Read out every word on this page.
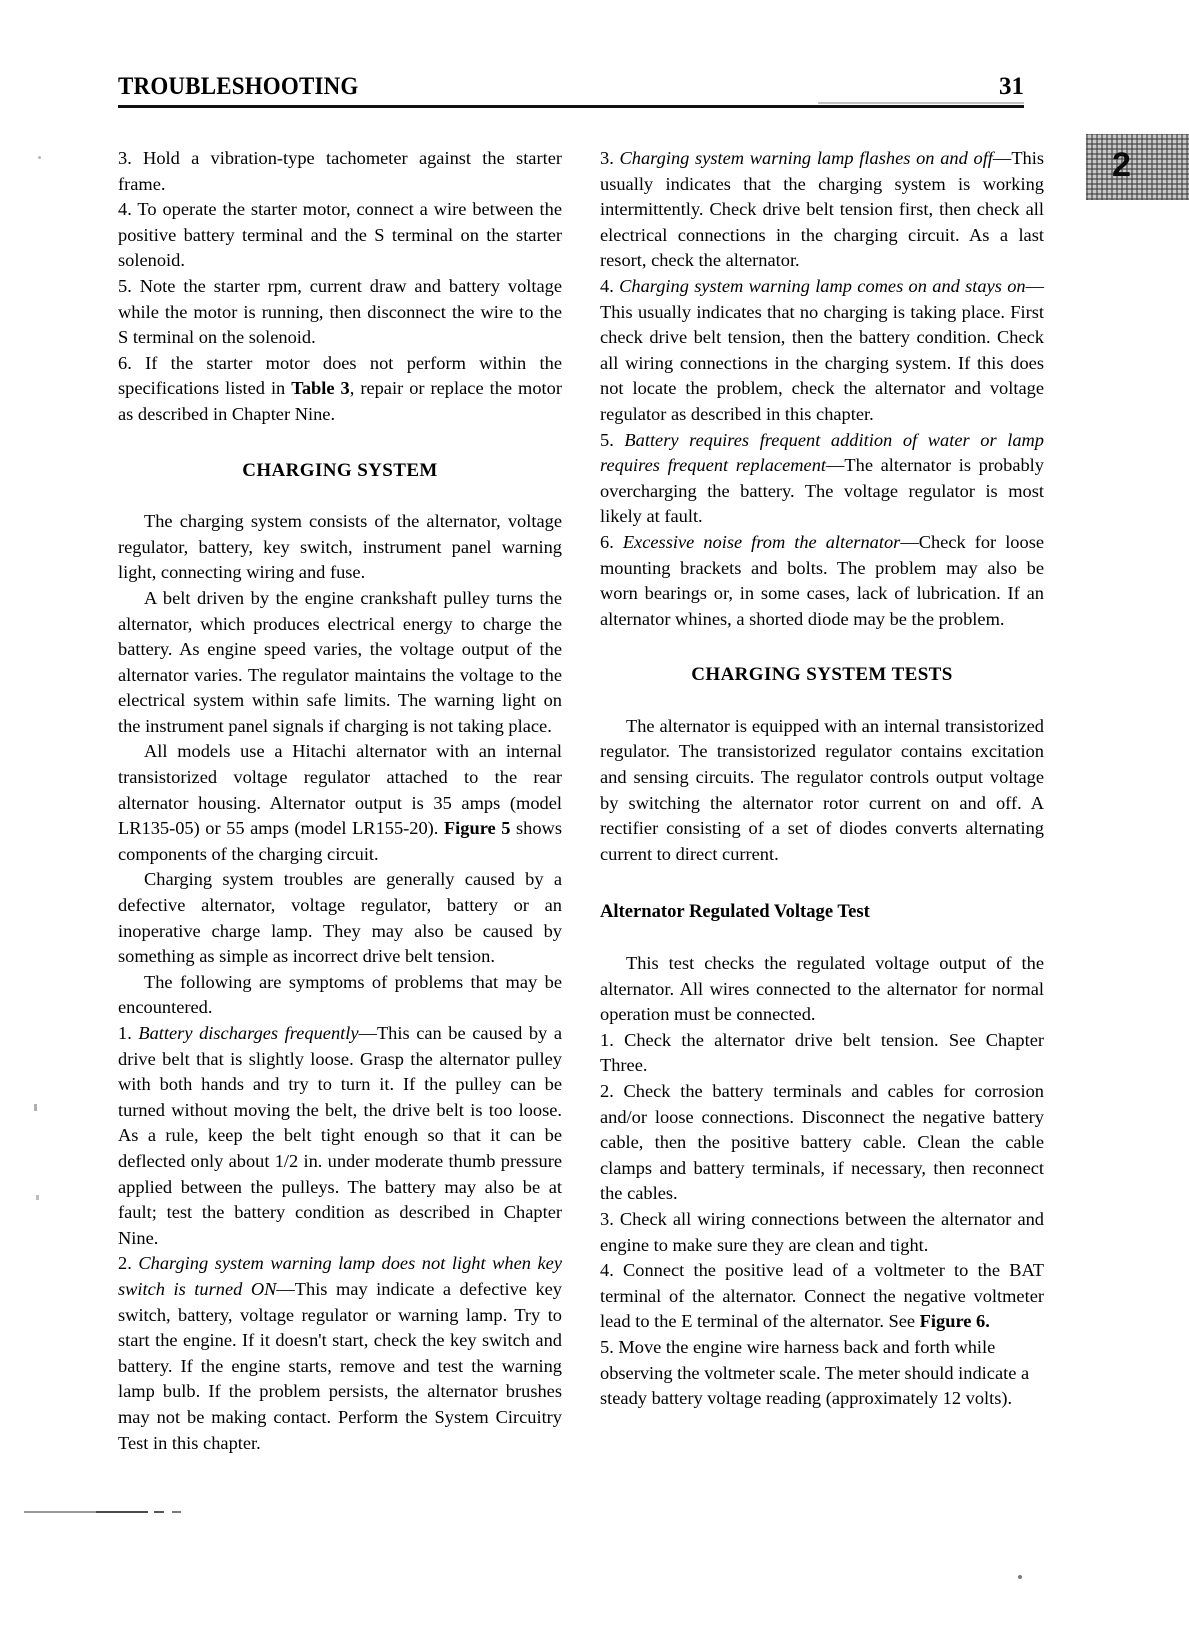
TROUBLESHOOTING	31
2

3. Hold a vibration-type tachometer against the starter frame.

4. To operate the starter motor, connect a wire between the positive battery terminal and the S terminal on the starter solenoid.

5. Note the starter rpm, current draw and battery voltage while the motor is running, then disconnect the wire to the S terminal on the solenoid.

6. If the starter motor does not perform within the specifications listed in Table 3, repair or replace the motor as described in Chapter Nine.

CHARGING SYSTEM

The charging system consists of the alternator, voltage regulator, battery, key switch, instrument panel warning light, connecting wiring and fuse.

A belt driven by the engine crankshaft pulley turns the alternator, which produces electrical energy to charge the battery. As engine speed varies, the voltage output of the alternator varies. The regulator maintains the voltage to the electrical system within safe limits. The warning light on the instrument panel signals if charging is not taking place.

All models use a Hitachi alternator with an internal transistorized voltage regulator attached to the rear alternator housing. Alternator output is 35 amps (model LR135-05) or 55 amps (model LR155-20). Figure 5 shows components of the charging circuit.

Charging system troubles are generally caused by a defective alternator, voltage regulator, battery or an inoperative charge lamp. They may also be caused by something as simple as incorrect drive belt tension.

The following are symptoms of problems that may be encountered.

1. Battery discharges frequently—This can be caused by a drive belt that is slightly loose. Grasp the alternator pulley with both hands and try to turn it. If the pulley can be turned without moving the belt, the drive belt is too loose. As a rule, keep the belt tight enough so that it can be deflected only about 1/2 in. under moderate thumb pressure applied between the pulleys. The battery may also be at fault; test the battery condition as described in Chapter Nine.

2. Charging system warning lamp does not light when key switch is turned ON—This may indicate a defective key switch, battery, voltage regulator or warning lamp. Try to start the engine. If it doesn't start, check the key switch and battery. If the engine starts, remove and test the warning lamp bulb. If the problem persists, the alternator brushes may not be making contact. Perform the System Circuitry Test in this chapter.

3. Charging system warning lamp flashes on and off—This usually indicates that the charging system is working intermittently. Check drive belt tension first, then check all electrical connections in the charging circuit. As a last resort, check the alternator.

4. Charging system warning lamp comes on and stays on—This usually indicates that no charging is taking place. First check drive belt tension, then the battery condition. Check all wiring connections in the charging system. If this does not locate the problem, check the alternator and voltage regulator as described in this chapter.

5. Battery requires frequent addition of water or lamp requires frequent replacement—The alternator is probably overcharging the battery. The voltage regulator is most likely at fault.

6. Excessive noise from the alternator—Check for loose mounting brackets and bolts. The problem may also be worn bearings or, in some cases, lack of lubrication. If an alternator whines, a shorted diode may be the problem.

CHARGING SYSTEM TESTS

The alternator is equipped with an internal transistorized regulator. The transistorized regulator contains excitation and sensing circuits. The regulator controls output voltage by switching the alternator rotor current on and off. A rectifier consisting of a set of diodes converts alternating current to direct current.

Alternator Regulated Voltage Test

This test checks the regulated voltage output of the alternator. All wires connected to the alternator for normal operation must be connected.

1. Check the alternator drive belt tension. See Chapter Three.

2. Check the battery terminals and cables for corrosion and/or loose connections. Disconnect the negative battery cable, then the positive battery cable. Clean the cable clamps and battery terminals, if necessary, then reconnect the cables.

3. Check all wiring connections between the alternator and engine to make sure they are clean and tight.

4. Connect the positive lead of a voltmeter to the BAT terminal of the alternator. Connect the negative voltmeter lead to the E terminal of the alternator. See Figure 6.

5. Move the engine wire harness back and forth while observing the voltmeter scale. The meter should indicate a steady battery voltage reading (approximately 12 volts).
